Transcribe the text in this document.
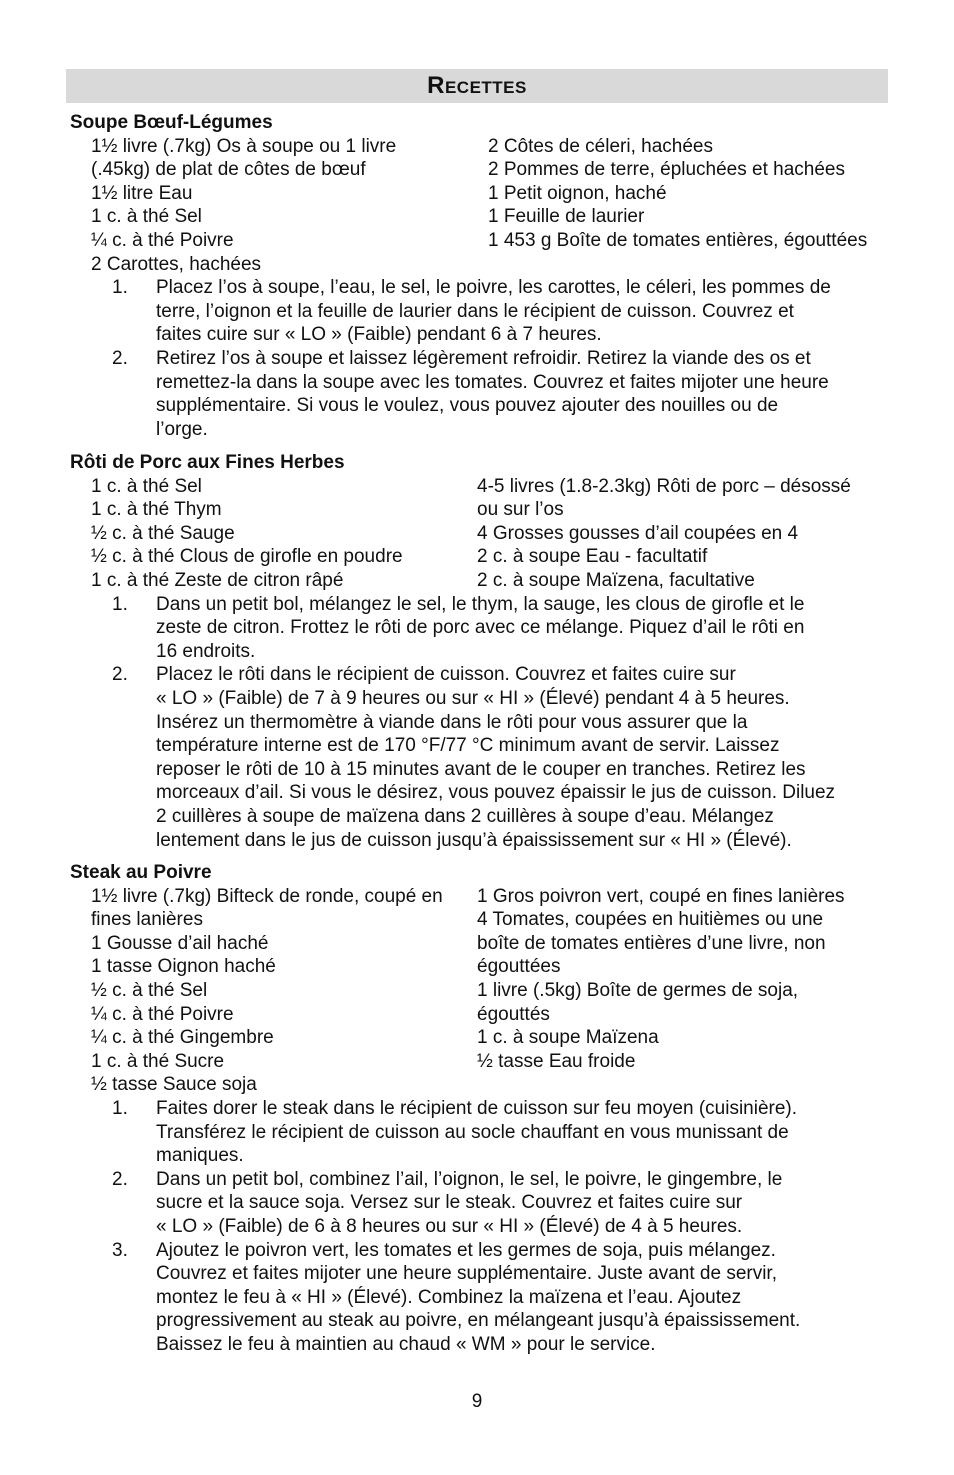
Recettes
Soupe Bœuf-Légumes
1½ livre (.7kg) Os à soupe ou 1 livre
(.45kg) de plat de côtes de bœuf
1½ litre Eau
1 c. à thé Sel
¼ c. à thé Poivre
2 Carottes, hachées
2 Côtes de céleri, hachées
2 Pommes de terre, épluchées et hachées
1 Petit oignon, haché
1 Feuille de laurier
1 453 g Boîte de tomates entières, égouttées
1. Placez l’os à soupe, l’eau, le sel, le poivre, les carottes, le céleri, les pommes de
terre, l’oignon et la feuille de laurier dans le récipient de cuisson. Couvrez et
faites cuire sur « LO » (Faible) pendant 6 à 7 heures.
2. Retirez l’os à soupe et laissez légèrement refroidir. Retirez la viande des os et
remettez-la dans la soupe avec les tomates. Couvrez et faites mijoter une heure
supplémentaire. Si vous le voulez, vous pouvez ajouter des nouilles ou de
l’orge.
Rôti de Porc aux Fines Herbes
1 c. à thé Sel
1 c. à thé Thym
½ c. à thé Sauge
½ c. à thé Clous de girofle en poudre
1 c. à thé Zeste de citron râpé
4-5 livres (1.8-2.3kg) Rôti de porc – désossé
ou sur l’os
4 Grosses gousses d’ail coupées en 4
2 c. à soupe Eau - facultatif
2 c. à soupe Maïzena, facultative
1. Dans un petit bol, mélangez le sel, le thym, la sauge, les clous de girofle et le
zeste de citron. Frottez le rôti de porc avec ce mélange. Piquez d’ail le rôti en
16 endroits.
2. Placez le rôti dans le récipient de cuisson. Couvrez et faites cuire sur
« LO » (Faible) de 7 à 9 heures ou sur « HI » (Élevé) pendant 4 à 5 heures.
Insérez un thermomètre à viande dans le rôti pour vous assurer que la
température interne est de 170 °F/77 °C minimum avant de servir. Laissez
reposer le rôti de 10 à 15 minutes avant de le couper en tranches. Retirez les
morceaux d’ail. Si vous le désirez, vous pouvez épaissir le jus de cuisson. Diluez
2 cuillères à soupe de maïzena dans 2 cuillères à soupe d’eau. Mélangez
lentement dans le jus de cuisson jusqu’à épaississement sur « HI » (Élevé).
Steak au Poivre
1½ livre (.7kg) Bifteck de ronde, coupé en
fines lanières
1 Gousse d’ail haché
1 tasse Oignon haché
½ c. à thé Sel
¼ c. à thé Poivre
¼ c. à thé Gingembre
1 c. à thé Sucre
½ tasse Sauce soja
1 Gros poivron vert, coupé en fines lanières
4 Tomates, coupées en huitièmes ou une
boîte de tomates entières d’une livre, non
égouttées
1 livre (.5kg) Boîte de germes de soja,
égouttés
1 c. à soupe Maïzena
½ tasse Eau froide
1. Faites dorer le steak dans le récipient de cuisson sur feu moyen (cuisinière).
Transférez le récipient de cuisson au socle chauffant en vous munissant de
maniques.
2. Dans un petit bol, combinez l’ail, l’oignon, le sel, le poivre, le gingembre, le
sucre et la sauce soja. Versez sur le steak. Couvrez et faites cuire sur
« LO » (Faible) de 6 à 8 heures ou sur « HI » (Élevé) de 4 à 5 heures.
3. Ajoutez le poivron vert, les tomates et les germes de soja, puis mélangez.
Couvrez et faites mijoter une heure supplémentaire. Juste avant de servir,
montez le feu à « HI » (Élevé). Combinez la maïzena et l’eau. Ajoutez
progressivement au steak au poivre, en mélangeant jusqu’à épaississement.
Baissez le feu à maintien au chaud « WM » pour le service.
9
